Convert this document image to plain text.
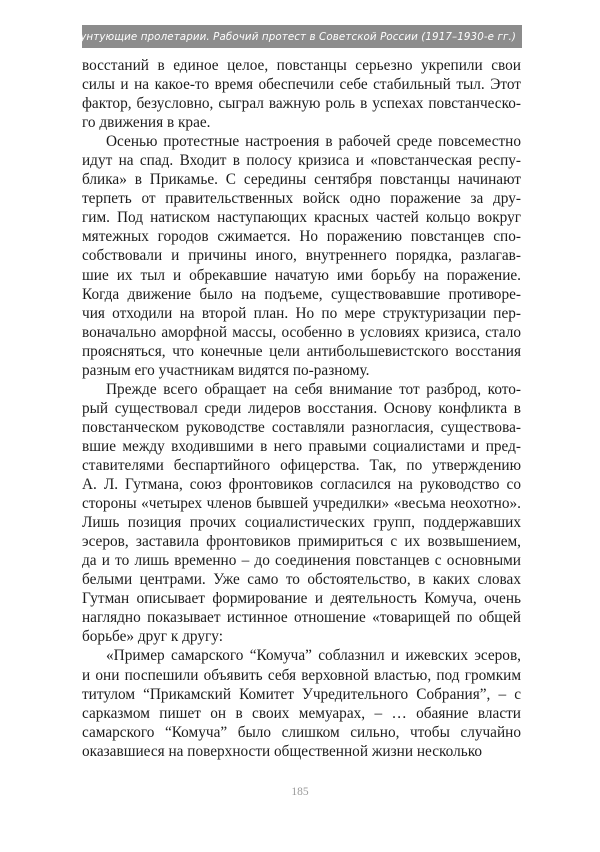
Бунтующие пролетарии. Рабочий протест в Советской России (1917–1930-е гг.)

восстаний в единое целое, повстанцы серьезно укрепили свои
силы и на какое-то время обеспечили себе стабильный тыл. Этот
фактор, безусловно, сыграл важную роль в успехах повстанческо-
го движения в крае.

Осенью протестные настроения в рабочей среде повсеместно
идут на спад. Входит в полосу кризиса и «повстанческая респу-
блика» в Прикамье. С середины сентября повстанцы начинают
терпеть от правительственных войск одно поражение за дру-
гим. Под натиском наступающих красных частей кольцо вокруг
мятежных городов сжимается. Но поражению повстанцев спо-
собствовали и причины иного, внутреннего порядка, разлагав-
шие их тыл и обрекавшие начатую ими борьбу на поражение.
Когда движение было на подъеме, существовавшие противоре-
чия отходили на второй план. Но по мере структуризации пер-
воначально аморфной массы, особенно в условиях кризиса, стало
проясняться, что конечные цели антибольшевистского восстания
разным его участникам видятся по-разному.

Прежде всего обращает на себя внимание тот разброд, кото-
рый существовал среди лидеров восстания. Основу конфликта в
повстанческом руководстве составляли разногласия, существова-
вшие между входившими в него правыми социалистами и пред-
ставителями беспартийного офицерства. Так, по утверждению
А. Л. Гутмана, союз фронтовиков согласился на руководство со
стороны «четырех членов бывшей учредилки» «весьма неохотно».
Лишь позиция прочих социалистических групп, поддержавших
эсеров, заставила фронтовиков примириться с их возвышением,
да и то лишь временно – до соединения повстанцев с основными
белыми центрами. Уже само то обстоятельство, в каких словах
Гутман описывает формирование и деятельность Комуча, очень
наглядно показывает истинное отношение «товарищей по общей
борьбе» друг к другу:

«Пример самарского “Комуча” соблазнил и ижевских эсеров,
и они поспешили объявить себя верховной властью, под громким
титулом “Прикамский Комитет Учредительного Собрания”, – с
сарказмом пишет он в своих мемуарах, – … обаяние власти
самарского “Комуча” было слишком сильно, чтобы случайно
оказавшиеся на поверхности общественной жизни несколько

185
